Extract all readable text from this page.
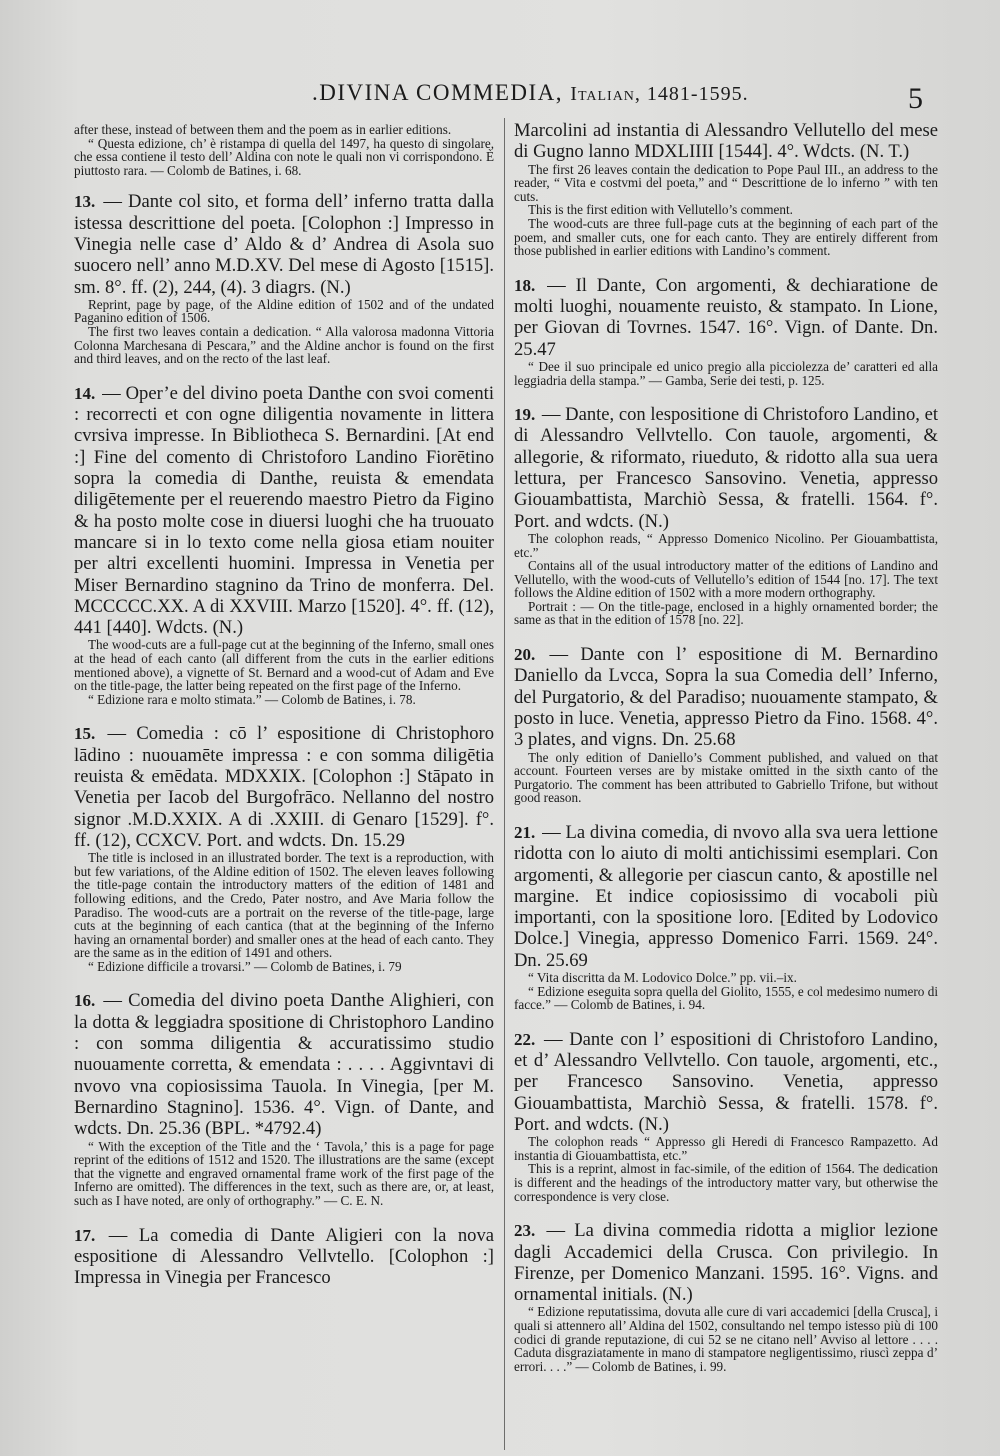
.DIVINA COMMEDIA, Italian, 1481-1595.	5

after these, instead of between them and the poem as in earlier editions.

“ Questa edizione, ch’ è ristampa di quella del 1497, ha questo di singolare, che essa contiene il testo dell’ Aldina con note le quali non vi corrispondono. È piuttosto rara. — Colomb de Batines, i. 68.

13. — Dante col sito, et forma dell’ inferno tratta dalla istessa descrittione del poeta. [Colophon :] Impresso in Vinegia nelle case d’ Aldo & d’ Andrea di Asola suo suocero nell’ anno M.D.XV. Del mese di Agosto [1515]. sm. 8°. ff. (2), 244, (4). 3 diagrs. (N.)

Reprint, page by page, of the Aldine edition of 1502 and of the undated Paganino edition of 1506.

The first two leaves contain a dedication. “ Alla valorosa madonna Vittoria Colonna Marchesana di Pescara,” and the Aldine anchor is found on the first and third leaves, and on the recto of the last leaf.

14. — Oper’e del divino poeta Danthe con svoi comenti : recorrecti et con ogne diligentia novamente in littera cvrsiva impresse. In Bibliotheca S. Bernardini. [At end :] Fine del comento di Christoforo Landino Fiorētino sopra la comedia di Danthe, reuista & emendata diligētemente per el reuerendo maestro Pietro da Figino & ha posto molte cose in diuersi luoghi che ha truouato mancare si in lo texto come nella giosa etiam nouiter per altri excellenti huomini. Impressa in Venetia per Miser Bernardino stagnino da Trino de monferra. Del. MCCCCC.XX. A di XXVIII. Marzo [1520]. 4°. ff. (12), 441 [440]. Wdcts. (N.)

The wood-cuts are a full-page cut at the beginning of the Inferno, small ones at the head of each canto (all different from the cuts in the earlier editions mentioned above), a vignette of St. Bernard and a wood-cut of Adam and Eve on the title-page, the latter being repeated on the first page of the Inferno.

“ Edizione rara e molto stimata.” — Colomb de Batines, i. 78.

15. — Comedia : cō l’ espositione di Christophoro lādino : nuouamēte impressa : e con somma diligētia reuista & emēdata. MDXXIX. [Colophon :] Stāpato in Venetia per Iacob del Burgofrāco. Nellanno del nostro signor .M.D.XXIX. A di .XXIII. di Genaro [1529]. f°. ff. (12), CCXCV. Port. and wdcts. Dn. 15.29

The title is inclosed in an illustrated border. The text is a reproduction, with but few variations, of the Aldine edition of 1502. The eleven leaves following the title-page contain the introductory matters of the edition of 1481 and following editions, and the Credo, Pater nostro, and Ave Maria follow the Paradiso. The wood-cuts are a portrait on the reverse of the title-page, large cuts at the beginning of each cantica (that at the beginning of the Inferno having an ornamental border) and smaller ones at the head of each canto. They are the same as in the edition of 1491 and others.

“ Edizione difficile a trovarsi.” — Colomb de Batines, i. 79

16. — Comedia del divino poeta Danthe Alighieri, con la dotta & leggiadra spositione di Christophoro Landino : con somma diligentia & accuratissimo studio nuouamente corretta, & emendata : . . . . Aggivntavi di nvovo vna copiosissima Tauola. In Vinegia, [per M. Bernardino Stagnino]. 1536. 4°. Vign. of Dante, and wdcts. Dn. 25.36 (BPL. *4792.4)

“ With the exception of the Title and the ‘ Tavola,’ this is a page for page reprint of the editions of 1512 and 1520. The illustrations are the same (except that the vignette and engraved ornamental frame work of the first page of the Inferno are omitted). The differences in the text, such as there are, or, at least, such as I have noted, are only of orthography.” — C. E. N.

17. — La comedia di Dante Aligieri con la nova espositione di Alessandro Vellvtello. [Colophon :] Impressa in Vinegia per Francesco

Marcolini ad instantia di Alessandro Vellutello del mese di Gugno lanno MDXLIIII [1544]. 4°. Wdcts. (N. T.)

The first 26 leaves contain the dedication to Pope Paul III., an address to the reader, “ Vita e costvmi del poeta,” and “ Descrittione de lo inferno ” with ten cuts.

This is the first edition with Vellutello’s comment.

The wood-cuts are three full-page cuts at the beginning of each part of the poem, and smaller cuts, one for each canto. They are entirely different from those published in earlier editions with Landino’s comment.

18. — Il Dante, Con argomenti, & dechiaratione de molti luoghi, nouamente reuisto, & stampato. In Lione, per Giovan di Tovrnes. 1547. 16°. Vign. of Dante. Dn. 25.47

“ Dee il suo principale ed unico pregio alla picciolezza de’ caratteri ed alla leggiadria della stampa.” — Gamba, Serie dei testi, p. 125.

19. — Dante, con lespositione di Christoforo Landino, et di Alessandro Vellvtello. Con tauole, argomenti, & allegorie, & riformato, riueduto, & ridotto alla sua uera lettura, per Francesco Sansovino. Venetia, appresso Giouambattista, Marchiò Sessa, & fratelli. 1564. f°. Port. and wdcts. (N.)

The colophon reads, “ Appresso Domenico Nicolino. Per Giouambattista, etc.”

Contains all of the usual introductory matter of the editions of Landino and Vellutello, with the wood-cuts of Vellutello’s edition of 1544 [no. 17]. The text follows the Aldine edition of 1502 with a more modern orthography.

Portrait : — On the title-page, enclosed in a highly ornamented border; the same as that in the edition of 1578 [no. 22].

20. — Dante con l’ espositione di M. Bernardino Daniello da Lvcca, Sopra la sua Comedia dell’ Inferno, del Purgatorio, & del Paradiso; nuouamente stampato, & posto in luce. Venetia, appresso Pietro da Fino. 1568. 4°. 3 plates, and vigns. Dn. 25.68

The only edition of Daniello’s Comment published, and valued on that account. Fourteen verses are by mistake omitted in the sixth canto of the Purgatorio. The comment has been attributed to Gabriello Trifone, but without good reason.

21. — La divina comedia, di nvovo alla sva uera lettione ridotta con lo aiuto di molti antichissimi esemplari. Con argomenti, & allegorie per ciascun canto, & apostille nel margine. Et indice copiosissimo di vocaboli più importanti, con la spositione loro. [Edited by Lodovico Dolce.] Vinegia, appresso Domenico Farri. 1569. 24°. Dn. 25.69

“ Vita discritta da M. Lodovico Dolce.” pp. vii.–ix.

“ Edizione eseguita sopra quella del Giolito, 1555, e col medesimo numero di facce.” — Colomb de Batines, i. 94.

22. — Dante con l’ espositioni di Christoforo Landino, et d’ Alessandro Vellvtello. Con tauole, argomenti, etc., per Francesco Sansovino. Venetia, appresso Giouambattista, Marchiò Sessa, & fratelli. 1578. f°. Port. and wdcts. (N.)

The colophon reads “ Appresso gli Heredi di Francesco Rampazetto. Ad instantia di Giouambattista, etc.”

This is a reprint, almost in fac-simile, of the edition of 1564. The dedication is different and the headings of the introductory matter vary, but otherwise the correspondence is very close.

23. — La divina commedia ridotta a miglior lezione dagli Accademici della Crusca. Con privilegio. In Firenze, per Domenico Manzani. 1595. 16°. Vigns. and ornamental initials. (N.)

“ Edizione reputatissima, dovuta alle cure di vari accademici [della Crusca], i quali si attennero all’ Aldina del 1502, consultando nel tempo istesso più di 100 codici di grande reputazione, di cui 52 se ne citano nell’ Avviso al lettore . . . . Caduta disgraziatamente in mano di stampatore negligentissimo, riuscì zeppa d’ errori. . . .” — Colomb de Batines, i. 99.
